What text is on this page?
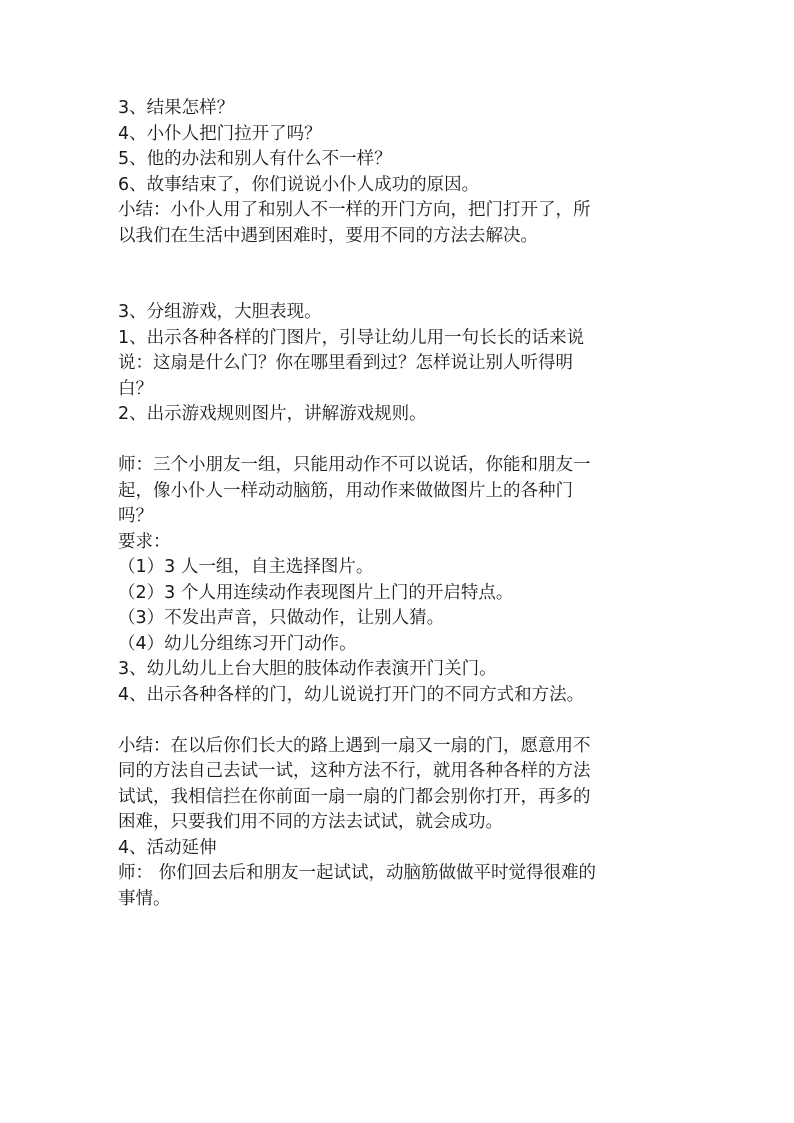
3、结果怎样？
4、小仆人把门拉开了吗？
5、他的办法和别人有什么不一样？
6、故事结束了，你们说说小仆人成功的原因。
小结：小仆人用了和别人不一样的开门方向，把门打开了，所
以我们在生活中遇到困难时，要用不同的方法去解决。
3、分组游戏，大胆表现。
1、出示各种各样的门图片，引导让幼儿用一句长长的话来说
说：这扇是什么门？你在哪里看到过？怎样说让别人听得明
白？
2、出示游戏规则图片，讲解游戏规则。
师：三个小朋友一组，只能用动作不可以说话，你能和朋友一
起，像小仆人一样动动脑筋，用动作来做做图片上的各种门
吗？
要求：
（1）3 人一组，自主选择图片。
（2）3 个人用连续动作表现图片上门的开启特点。
（3）不发出声音，只做动作，让别人猜。
（4）幼儿分组练习开门动作。
3、幼儿幼儿上台大胆的肢体动作表演开门关门。
4、出示各种各样的门，幼儿说说打开门的不同方式和方法。
小结：在以后你们长大的路上遇到一扇又一扇的门，愿意用不
同的方法自己去试一试，这种方法不行，就用各种各样的方法
试试，我相信拦在你前面一扇一扇的门都会别你打开，再多的
困难，只要我们用不同的方法去试试，就会成功。
4、活动延伸
师： 你们回去后和朋友一起试试，动脑筋做做平时觉得很难的
事情。
